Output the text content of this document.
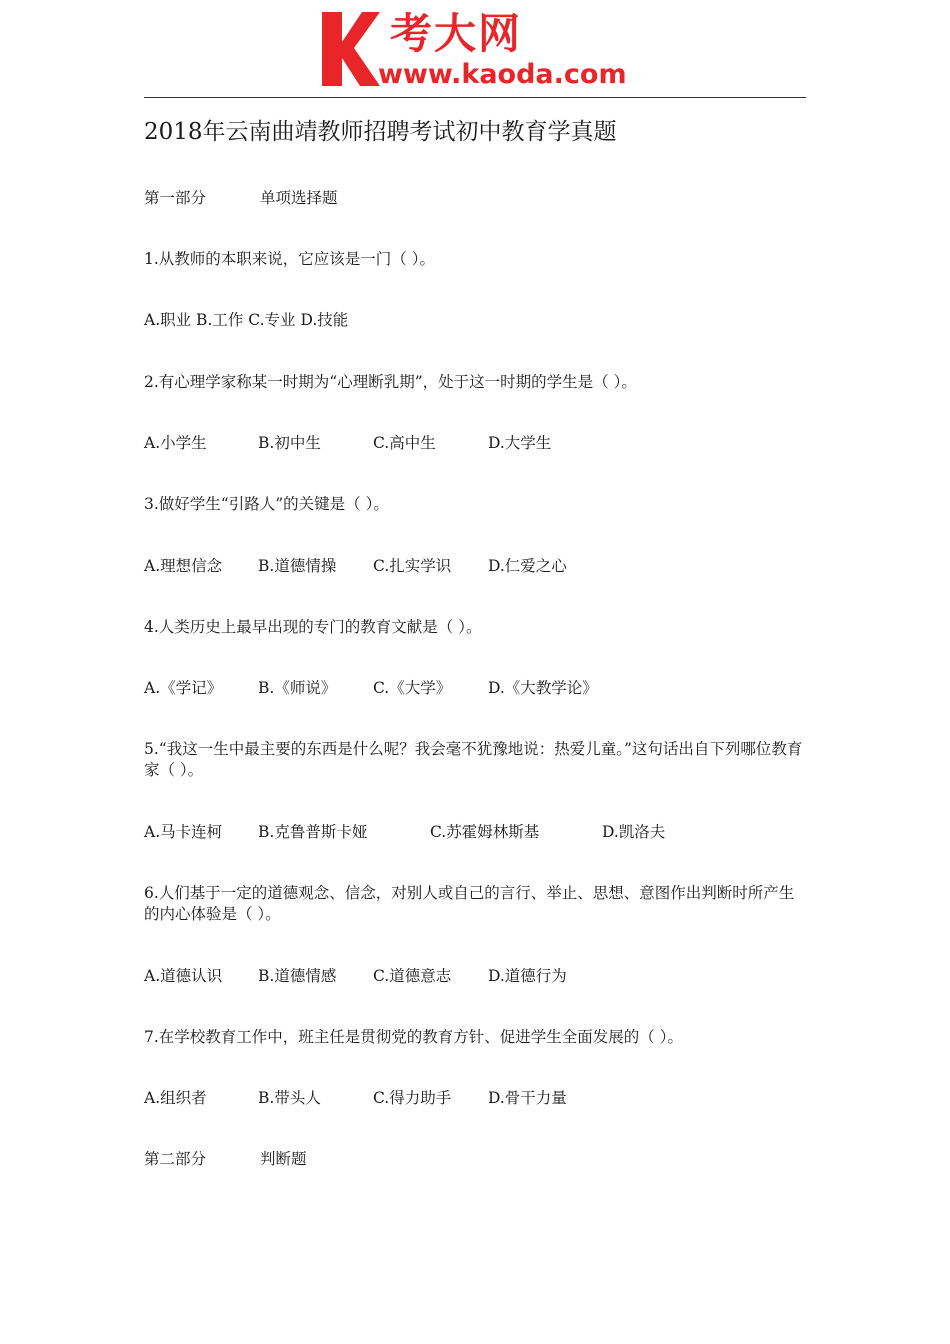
考大网
www.kaoda.com
2018年云南曲靖教师招聘考试初中教育学真题
第一部分	单项选择题
1.从教师的本职来说，它应该是一门（ ）。
A.职业 B.工作 C.专业 D.技能
2.有心理学家称某一时期为“心理断乳期”，处于这一时期的学生是（ ）。
A.小学生	B.初中生	C.高中生	D.大学生
3.做好学生“引路人”的关键是（ ）。
A.理想信念 B.道德情操 C.扎实学识 D.仁爱之心
4.人类历史上最早出现的专门的教育文献是（ ）。
A.《学记》 B.《师说》 C.《大学》 D.《大教学论》
5.“我这一生中最主要的东西是什么呢？我会毫不犹豫地说：热爱儿童。”这句话出自下列哪位教育家（ ）。
A.马卡连柯 B.克鲁普斯卡娅	C.苏霍姆林斯基	D.凯洛夫
6.人们基于一定的道德观念、信念，对别人或自己的言行、举止、思想、意图作出判断时所产生的内心体验是（ ）。
A.道德认识 B.道德情感 C.道德意志 D.道德行为
7.在学校教育工作中，班主任是贯彻党的教育方针、促进学生全面发展的（ ）。
A.组织者	B.带头人	C.得力助手 D.骨干力量
第二部分	判断题
